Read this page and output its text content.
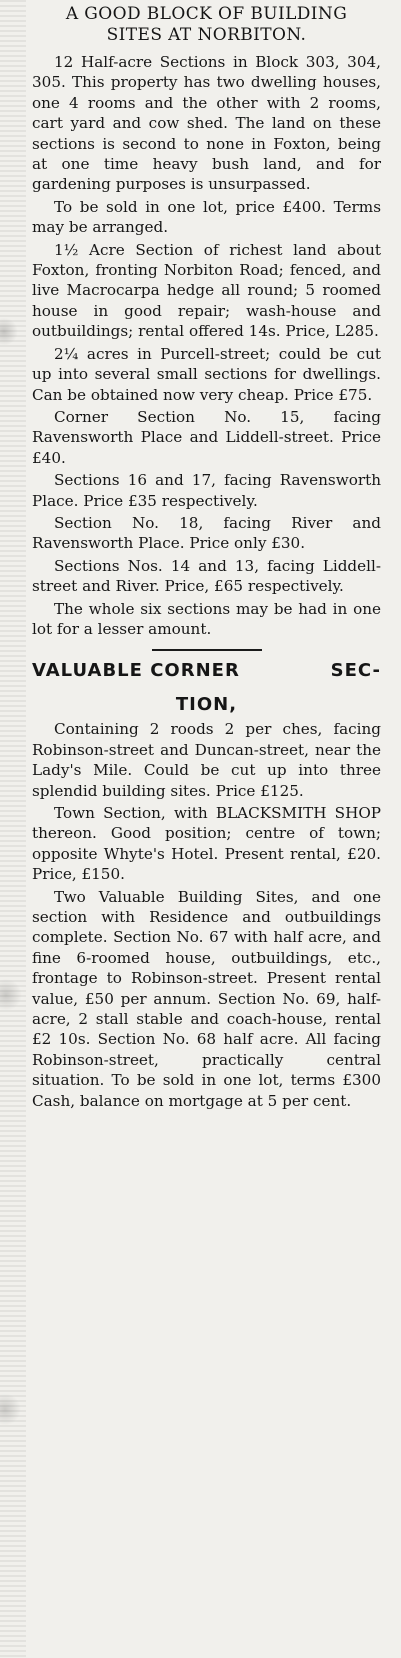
A GOOD BLOCK OF BUILDING

SITES AT NORBITON.

12 Half-acre Sections in Block 303, 304, 305. This property has two dwelling houses, one 4 rooms and the other with 2 rooms, cart yard and cow shed. The land on these sections is second to none in Foxton, being at one time heavy bush land, and for gardening purposes is unsurpassed.

To be sold in one lot, price £400. Terms may be arranged.

1½ Acre Section of richest land about Foxton, fronting Norbiton Road; fenced, and live Macrocarpa hedge all round; 5 roomed house in good repair; wash-house and outbuildings; rental offered 14s. Price, L285.

2¼ acres in Purcell-street; could be cut up into several small sections for dwellings. Can be obtained now very cheap. Price £75.

Corner Section No. 15, facing Ravensworth Place and Liddell-street. Price £40.

Sections 16 and 17, facing Ravensworth Place. Price £35 respectively.

Section No. 18, facing River and Ravensworth Place. Price only £30.

Sections Nos. 14 and 13, facing Liddell-street and River. Price, £65 respectively.

The whole six sections may be had in one lot for a lesser amount.

VALUABLE CORNER	SEC-

TION,

Containing 2 roods 2 per ches, facing Robinson-street and Duncan-street, near the Lady's Mile. Could be cut up into three splendid building sites. Price £125.

Town Section, with BLACKSMITH SHOP thereon. Good position; centre of town; opposite Whyte's Hotel. Present rental, £20. Price, £150.

Two Valuable Building Sites, and one section with Residence and outbuildings complete. Section No. 67 with half acre, and fine 6-roomed house, outbuildings, etc., frontage to Robinson-street. Present rental value, £50 per annum. Section No. 69, half-acre, 2 stall stable and coach-house, rental £2 10s. Section No. 68 half acre. All facing Robinson-street, practically central situation. To be sold in one lot, terms £300 Cash, balance on mortgage at 5 per cent.
